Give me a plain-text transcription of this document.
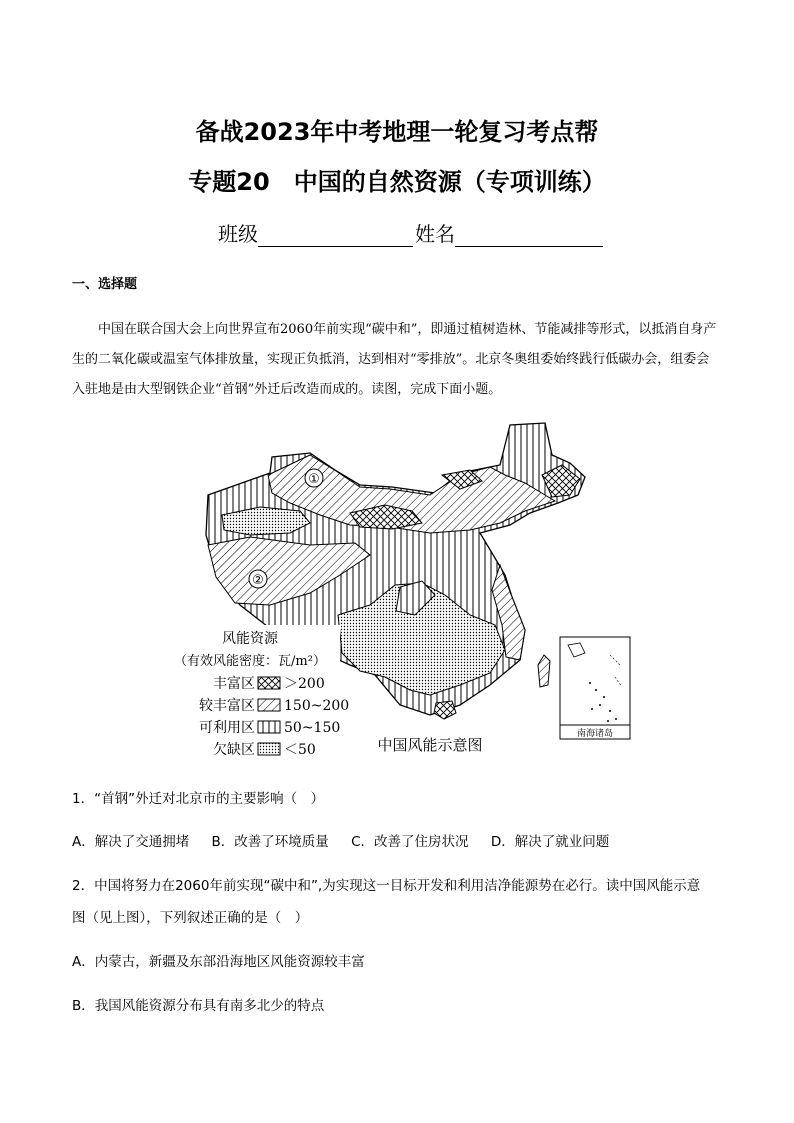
备战2023年中考地理一轮复习考点帮
专题20　中国的自然资源（专项训练）
班级	姓名
一、选择题
中国在联合国大会上向世界宣布2060年前实现“碳中和”，即通过植树造林、节能减排等形式，以抵消自身产生的二氧化碳或温室气体排放量，实现正负抵消，达到相对“零排放”。北京冬奥组委始终践行低碳办会，组委会入驻地是由大型钢铁企业“首钢”外迁后改造而成的。读图，完成下面小题。
①
②
南海诸岛
风能资源
（有效风能密度：瓦/m²）
丰富区 ＞200
较丰富区 150~200
可利用区 50~150
欠缺区 ＜50	中国风能示意图
1．“首钢”外迁对北京市的主要影响（　）
A．解决了交通拥堵 B．改善了环境质量 C．改善了住房状况 D．解决了就业问题
2．中国将努力在2060年前实现“碳中和”,为实现这一目标开发和利用洁净能源势在必行。读中国风能示意
图（见上图），下列叙述正确的是（　）
A．内蒙古，新疆及东部沿海地区风能资源较丰富
B．我国风能资源分布具有南多北少的特点
